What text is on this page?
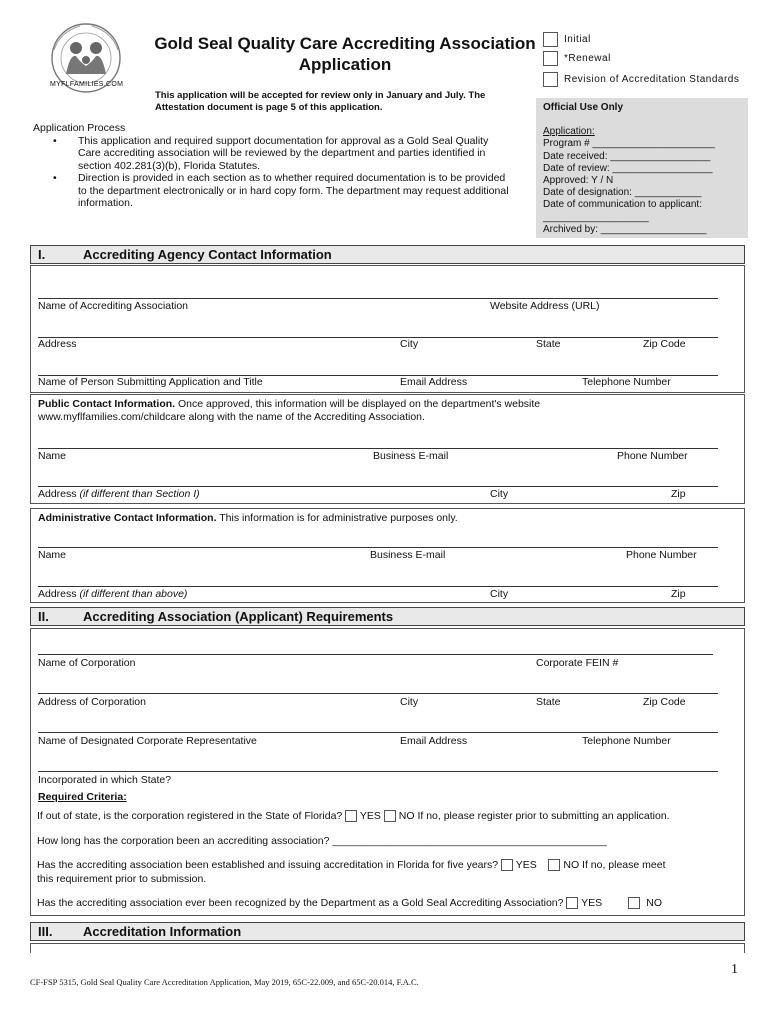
MYFLFAMILIES.COM
Gold Seal Quality Care Accrediting Association
Application
This application will be accepted for review only in January and July. The Attestation document is page 5 of this application.
Initial
*Renewal
Revision of Accreditation Standards
Official Use Only
Application:
Program # ______________________
Date received: __________________
Date of review: __________________
Approved: Y / N
Date of designation: ____________
Date of communication to applicant:
___________________
Archived by: ___________________
Application Process
• This application and required support documentation for approval as a Gold Seal Quality Care accrediting association will be reviewed by the department and parties identified in section 402.281(3)(b), Florida Statutes.
• Direction is provided in each section as to whether required documentation is to be provided to the department electronically or in hard copy form. The department may request additional information.
I.	Accrediting Agency Contact Information
Name of Accrediting Association	Website Address (URL)
Address	City	State	Zip Code
Name of Person Submitting Application and Title	Email Address	Telephone Number
Public Contact Information. Once approved, this information will be displayed on the department's website
www.myflfamilies.com/childcare along with the name of the Accrediting Association.
Name	Business E-mail	Phone Number
Address (if different than Section I)	City	Zip
Administrative Contact Information. This information is for administrative purposes only.
Name	Business E-mail	Phone Number
Address (if different than above)	City	Zip
II.	Accrediting Association (Applicant) Requirements
Name of Corporation	Corporate FEIN #
Address of Corporation	City	State	Zip Code
Name of Designated Corporate Representative	Email Address	Telephone Number
Incorporated in which State?
Required Criteria:
If out of state, is the corporation registered in the State of Florida? YES NO If no, please register prior to submitting an application.
How long has the corporation been an accrediting association? _______________________________________________
Has the accrediting association been established and issuing accreditation in Florida for five years? YES	NO If no, please meet
this requirement prior to submission.
Has the accrediting association ever been recognized by the Department as a Gold Seal Accrediting Association? YES	NO
III. Accreditation Information
1
CF-FSP 5315, Gold Seal Quality Care Accreditation Application, May 2019, 65C-22.009, and 65C-20.014, F.A.C.
